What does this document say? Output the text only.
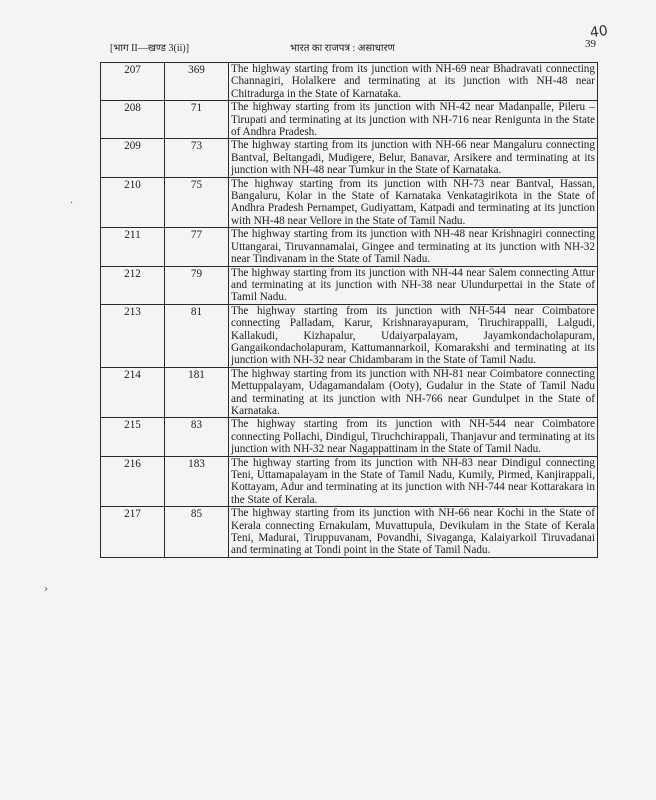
[भाग II—खण्ड 3(ii)]	भारत का राजपत्र : असाधारण	39
40
·
›
207	369	The highway starting from its junction with NH-69 near Bhadravati connecting Channagiri, Holalkere and terminating at its junction with NH-48 near Chitradurga in the State of Karnataka.
208	71	The highway starting from its junction with NH-42 near Madanpalle, Pileru – Tirupati and terminating at its junction with NH-716 near Renigunta in the State of Andhra Pradesh.
209	73	The highway starting from its junction with NH-66 near Mangaluru connecting Bantval, Beltangadi, Mudigere, Belur, Banavar, Arsikere and terminating at its junction with NH-48 near Tumkur in the State of Karnataka.
210	75	The highway starting from its junction with NH-73 near Bantval, Hassan, Bangaluru, Kolar in the State of Karnataka Venkatagirikota in the State of Andhra Pradesh Pernampet, Gudiyattam, Katpadi and terminating at its junction with NH-48 near Vellore in the State of Tamil Nadu.
211	77	The highway starting from its junction with NH-48 near Krishnagiri connecting Uttangarai, Tiruvannamalai, Gingee and terminating at its junction with NH-32 near Tindivanam in the State of Tamil Nadu.
212	79	The highway starting from its junction with NH-44 near Salem connecting Attur and terminating at its junction with NH-38 near Ulundurpettai in the State of Tamil Nadu.
213	81	The highway starting from its junction with NH-544 near Coimbatore connecting Palladam, Karur, Krishnarayapuram, Tiruchirappalli, Lalgudi, Kallakudi, Kizhapalur, Udaiyarpalayam, Jayamkondacholapuram, Gangaikondacholapuram, Kattumannarkoil, Komarakshi and terminating at its junction with NH-32 near Chidambaram in the State of Tamil Nadu.
214	181	The highway starting from its junction with NH-81 near Coimbatore connecting Mettuppalayam, Udagamandalam (Ooty), Gudalur in the State of Tamil Nadu and terminating at its junction with NH-766 near Gundulpet in the State of Karnataka.
215	83	The highway starting from its junction with NH-544 near Coimbatore connecting Pollachi, Dindigul, Tiruchchirappali, Thanjavur and terminating at its junction with NH-32 near Nagappattinam in the State of Tamil Nadu.
216	183	The highway starting from its junction with NH-83 near Dindigul connecting Teni, Uttamapalayam in the State of Tamil Nadu, Kumily, Pirmed, Kanjirappali, Kottayam, Adur and terminating at its junction with NH-744 near Kottarakara in the State of Kerala.
217	85	The highway starting from its junction with NH-66 near Kochi in the State of Kerala connecting Ernakulam, Muvattupula, Devikulam in the State of Kerala Teni, Madurai, Tiruppuvanam, Povandhi, Sivaganga, Kalaiyarkoil Tiruvadanai and terminating at Tondi point in the State of Tamil Nadu.
